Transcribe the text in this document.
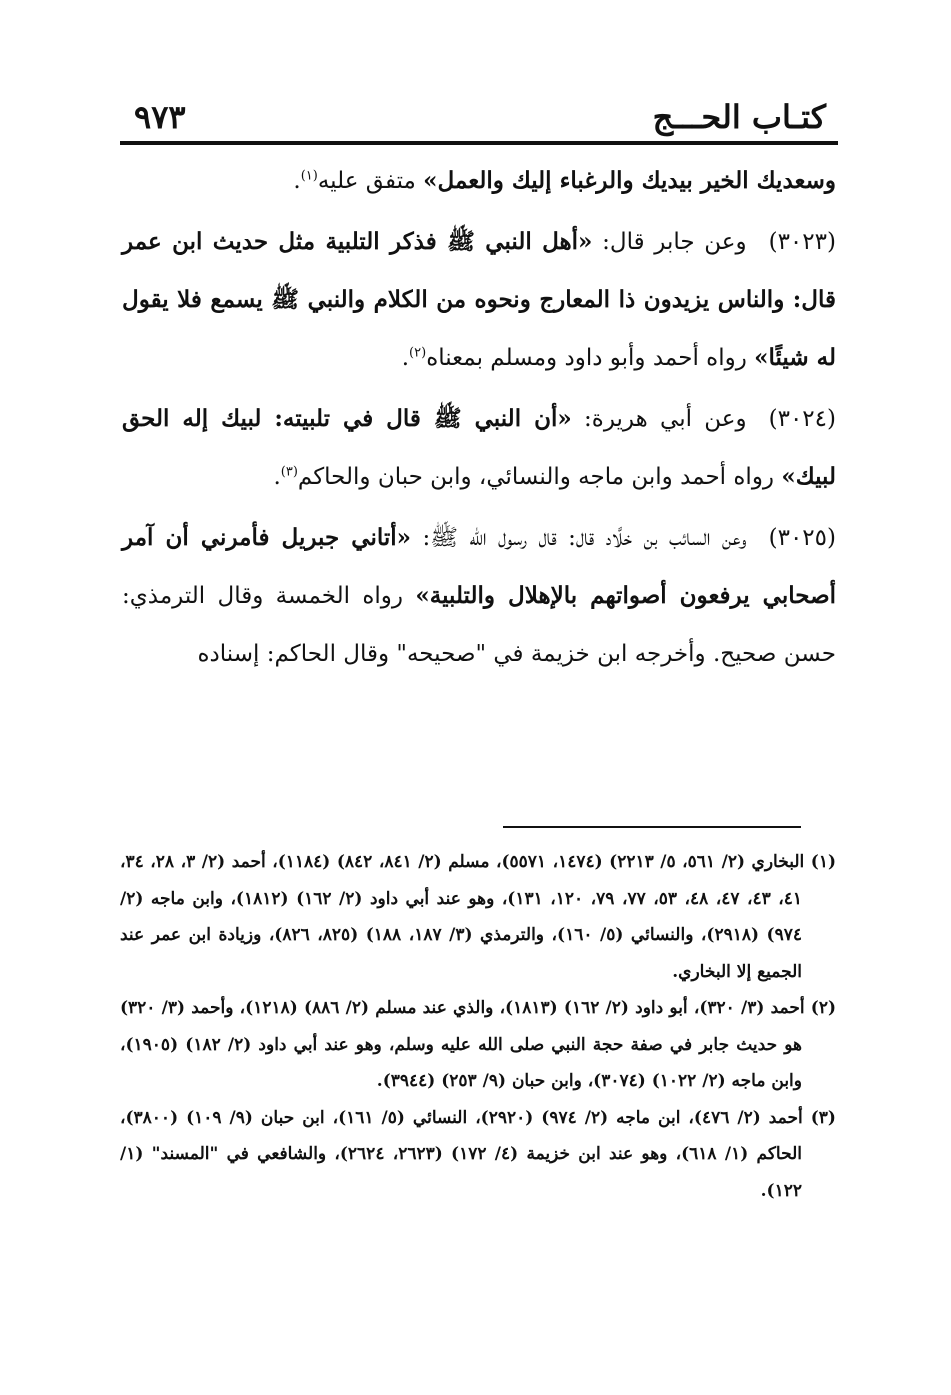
كتـاب الحـــج
٩٧٣

وسعديك الخير بيديك والرغباء إليك والعمل» متفق عليه$^{(١)}$.

(٣٠٢٣)وعن جابر قال: «أهل النبي ﷺ فذكر التلبية مثل حديث ابن عمر قال: والناس يزيدون ذا المعارج ونحوه من الكلام والنبي ﷺ يسمع فلا يقول له شيئًا» رواه أحمد وأبو داود ومسلم بمعناه$^{(٢)}$.

(٣٠٢٤)وعن أبي هريرة: «أن النبي ﷺ قال في تلبيته: لبيك إله الحق لبيك» رواه أحمد وابن ماجه والنسائي، وابن حبان والحاكم$^{(٣)}$.

(٣٠٢٥)وعن السائب بن خلَّاد قال: قال رسول الله ﷺ: «أتاني جبريل فأمرني أن آمر أصحابي يرفعون أصواتهم بالإهلال والتلبية» رواه الخمسة وقال الترمذي: حسن صحيح. وأخرجه ابن خزيمة في "صحيحه" وقال الحاكم: إسناده

(١) البخاري (٢/ ٥٦١، ٥/ ٢٢١٣) (١٤٧٤، ٥٥٧١)، مسلم (٢/ ٨٤١، ٨٤٢) (١١٨٤)، أحمد (٢/ ٣، ٢٨، ٣٤، ٤١، ٤٣، ٤٧، ٤٨، ٥٣، ٧٧، ٧٩، ١٢٠، ١٣١)، وهو عند أبي داود (٢/ ١٦٢) (١٨١٢)، وابن ماجه (٢/ ٩٧٤) (٢٩١٨)، والنسائي (٥/ ١٦٠)، والترمذي (٣/ ١٨٧، ١٨٨) (٨٢٥، ٨٢٦)، وزيادة ابن عمر عند الجميع إلا البخاري.

(٢) أحمد (٣/ ٣٢٠)، أبو داود (٢/ ١٦٢) (١٨١٣)، والذي عند مسلم (٢/ ٨٨٦) (١٢١٨)، وأحمد (٣/ ٣٢٠) هو حديث جابر في صفة حجة النبي صلى الله عليه وسلم، وهو عند أبي داود (٢/ ١٨٢) (١٩٠٥)، وابن ماجه (٢/ ١٠٢٢) (٣٠٧٤)، وابن حبان (٩/ ٢٥٣) (٣٩٤٤).

(٣) أحمد (٢/ ٤٧٦)، ابن ماجه (٢/ ٩٧٤) (٢٩٢٠)، النسائي (٥/ ١٦١)، ابن حبان (٩/ ١٠٩) (٣٨٠٠)، الحاكم (١/ ٦١٨)، وهو عند ابن خزيمة (٤/ ١٧٢) (٢٦٢٣، ٢٦٢٤)، والشافعي في "المسند" (١/ ١٢٢).
